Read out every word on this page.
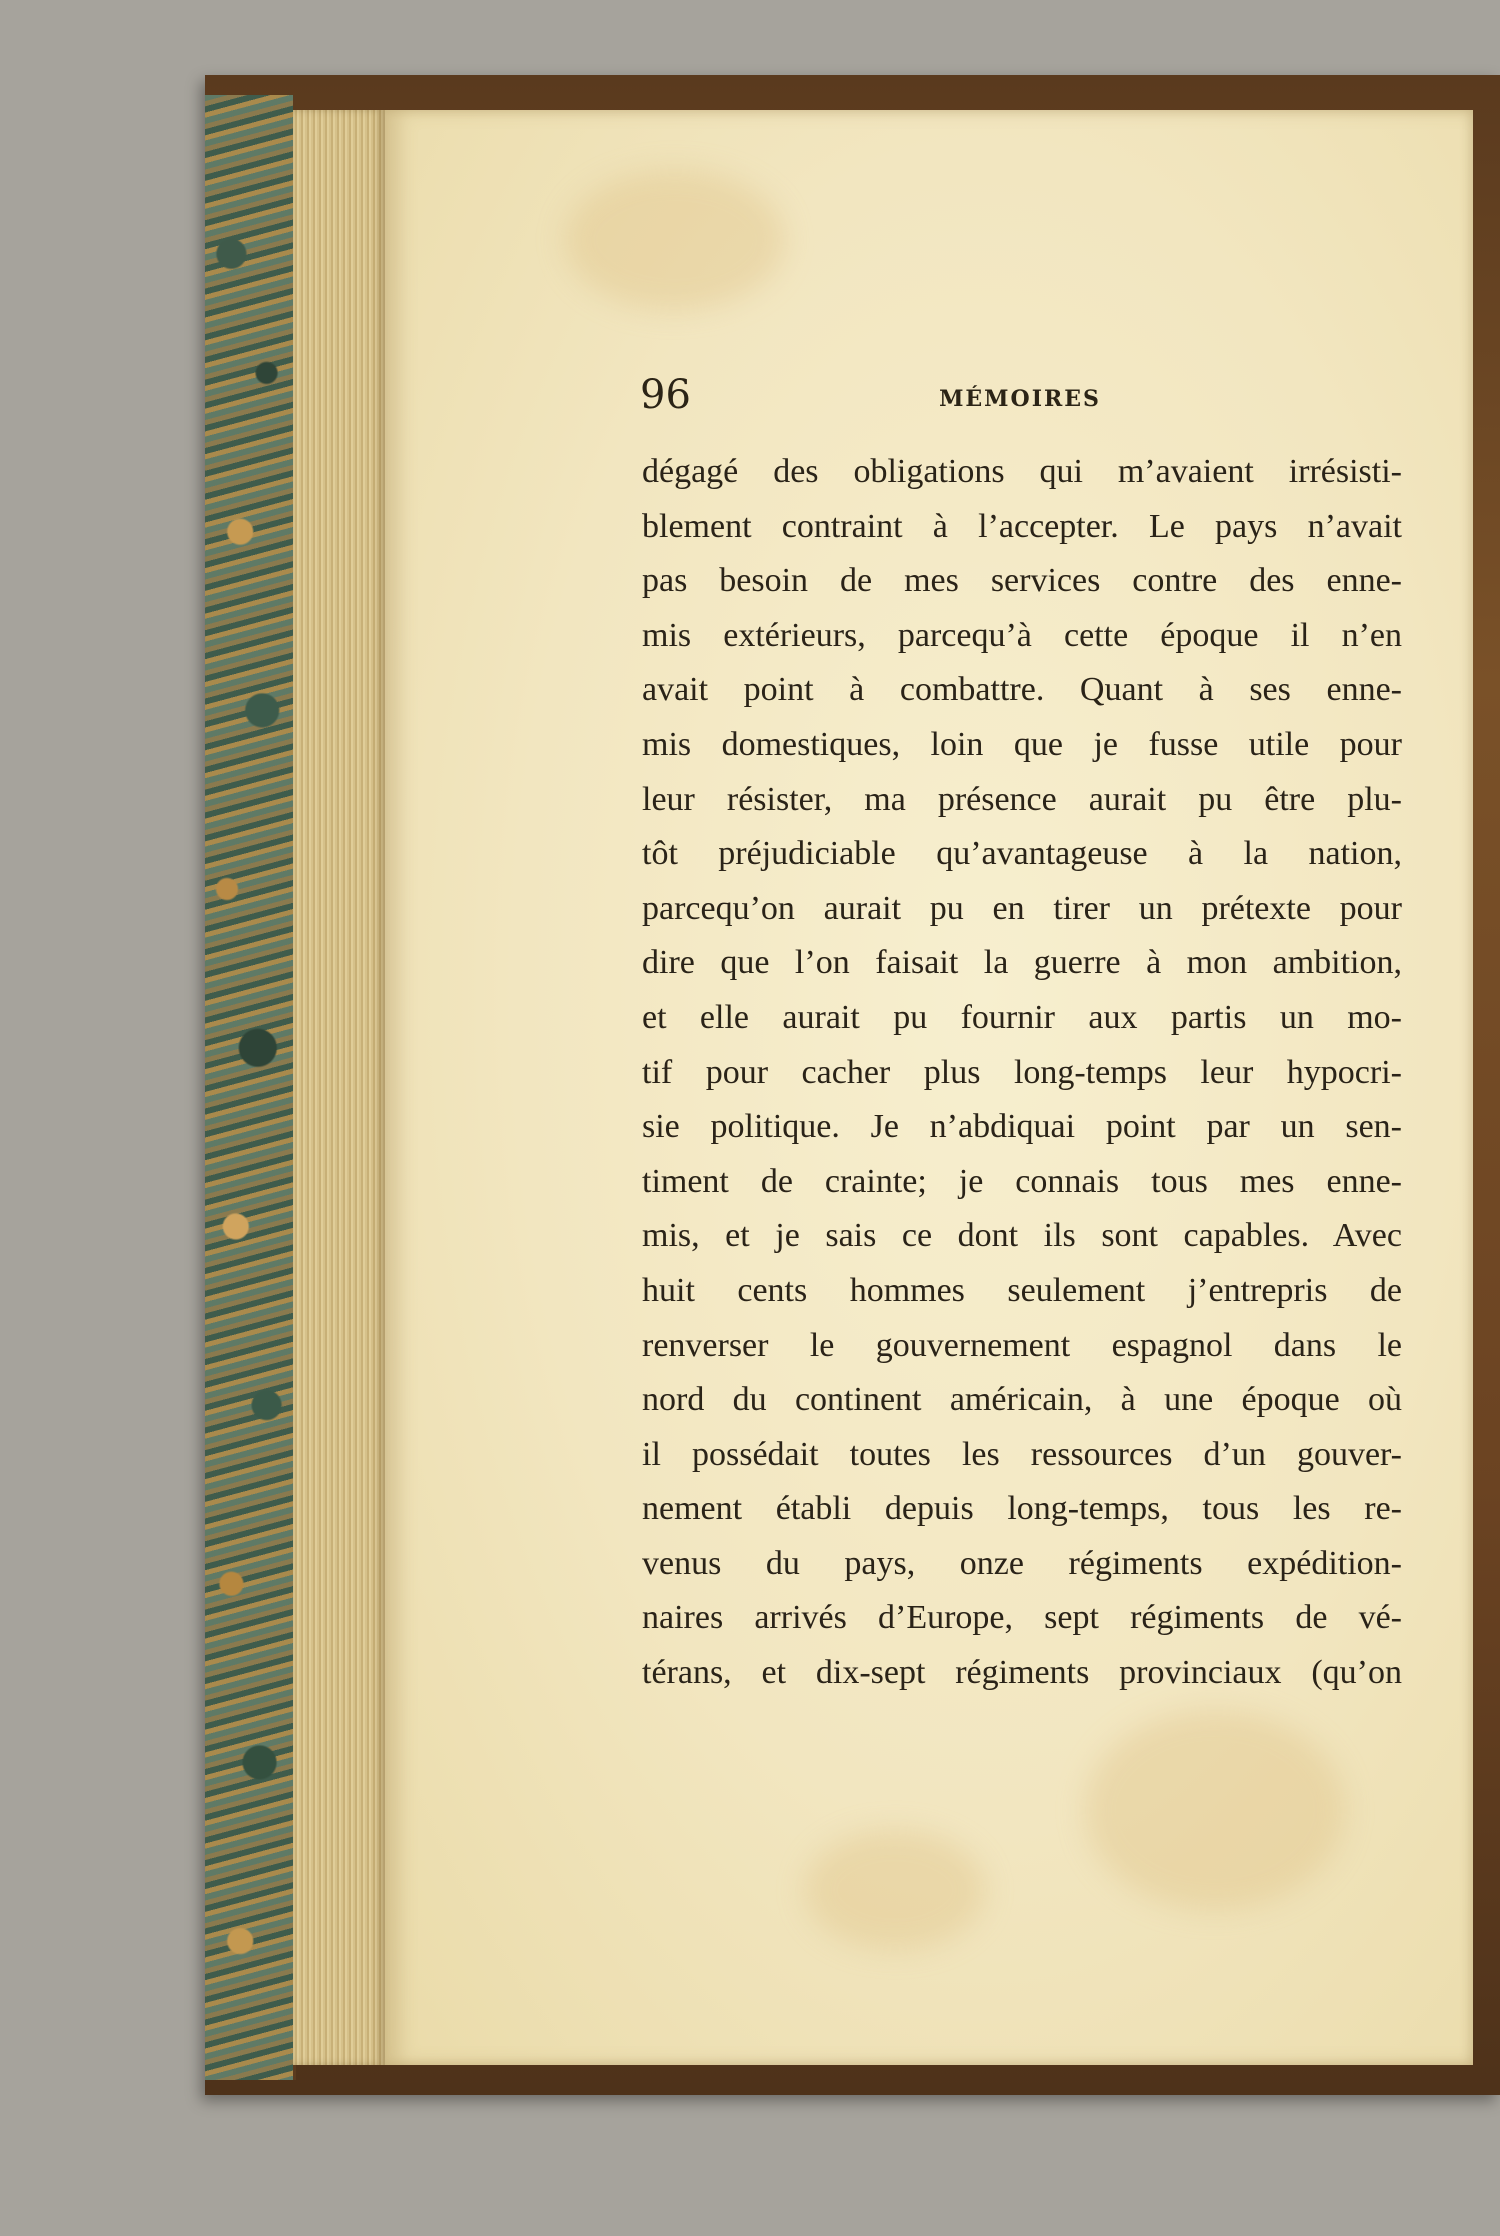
96	MÉMOIRES
dégagé des obligations qui m’avaient irrésisti-
blement contraint à l’accepter. Le pays n’avait
pas besoin de mes services contre des enne-
mis extérieurs, parcequ’à cette époque il n’en
avait point à combattre. Quant à ses enne-
mis domestiques, loin que je fusse utile pour
leur résister, ma présence aurait pu être plu-
tôt préjudiciable qu’avantageuse à la nation,
parcequ’on aurait pu en tirer un prétexte pour
dire que l’on faisait la guerre à mon ambition,
et elle aurait pu fournir aux partis un mo-
tif pour cacher plus long-temps leur hypocri-
sie politique. Je n’abdiquai point par un sen-
timent de crainte; je connais tous mes enne-
mis, et je sais ce dont ils sont capables. Avec
huit cents hommes seulement j’entrepris de
renverser le gouvernement espagnol dans le
nord du continent américain, à une époque où
il possédait toutes les ressources d’un gouver-
nement établi depuis long-temps, tous les re-
venus du pays, onze régiments expédition-
naires arrivés d’Europe, sept régiments de vé-
térans, et dix-sept régiments provinciaux (qu’on
